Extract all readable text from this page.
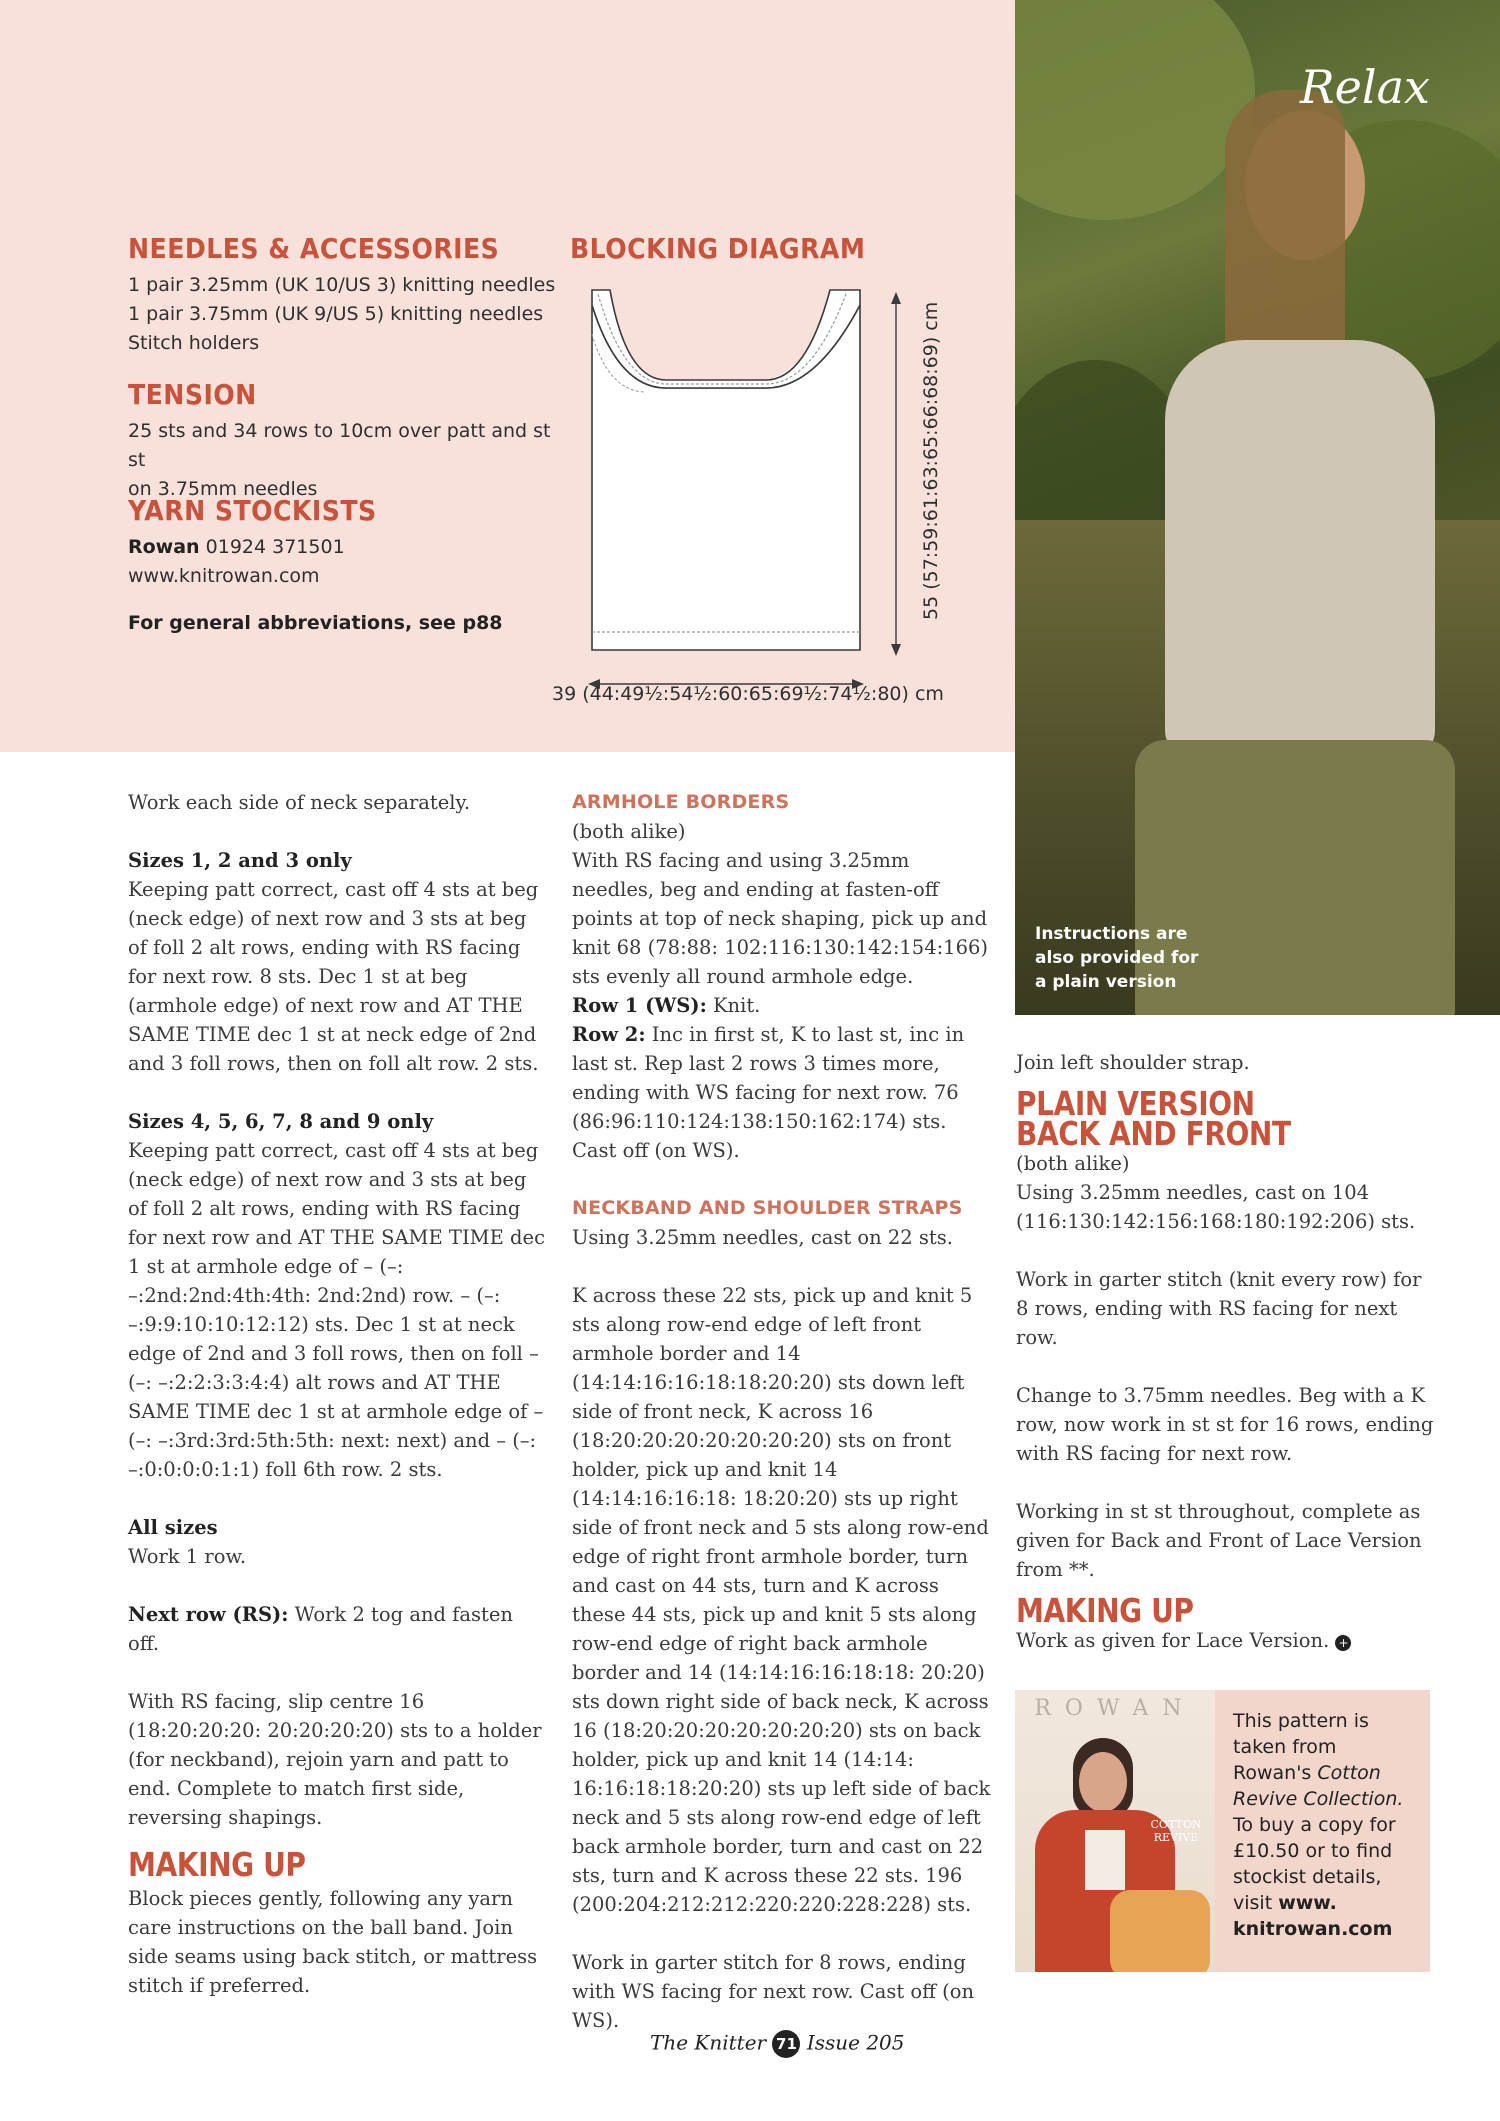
NEEDLES & ACCESSORIES
1 pair 3.25mm (UK 10/US 3) knitting needles
1 pair 3.75mm (UK 9/US 5) knitting needles
Stitch holders
TENSION
25 sts and 34 rows to 10cm over patt and st st
on 3.75mm needles
YARN STOCKISTS
Rowan 01924 371501
www.knitrowan.com
For general abbreviations, see p88
BLOCKING DIAGRAM
55 (57:59:61:63:65:66:68:69) cm
39 (44:49½:54½:60:65:69½:74½:80) cm
Relax
Instructions are also provided for a plain version

Work each side of neck separately.

Sizes 1, 2 and 3 only

Keeping patt correct, cast off 4 sts at beg (neck edge) of next row and 3 sts at beg of foll 2 alt rows, ending with RS facing for next row. 8 sts. Dec 1 st at beg (armhole edge) of next row and AT THE SAME TIME dec 1 st at neck edge of 2nd and 3 foll rows, then on foll alt row. 2 sts.

Sizes 4, 5, 6, 7, 8 and 9 only

Keeping patt correct, cast off 4 sts at beg (neck edge) of next row and 3 sts at beg of foll 2 alt rows, ending with RS facing for next row and AT THE SAME TIME dec 1 st at armhole edge of – (–: –:2nd:2nd:4th:4th: 2nd:2nd) row. – (–: –:9:9:10:10:12:12) sts. Dec 1 st at neck edge of 2nd and 3 foll rows, then on foll – (–: –:2:2:3:3:4:4) alt rows and AT THE SAME TIME dec 1 st at armhole edge of – (–: –:3rd:3rd:5th:5th: next: next) and – (–: –:0:0:0:0:1:1) foll 6th row. 2 sts.

All sizes

Work 1 row.

Next row (RS): Work 2 tog and fasten off.

With RS facing, slip centre 16 (18:20:20:20: 20:20:20:20) sts to a holder (for neckband), rejoin yarn and patt to end. Complete to match first side, reversing shapings.

MAKING UP

Block pieces gently, following any yarn care instructions on the ball band. Join side seams using back stitch, or mattress stitch if preferred.

ARMHOLE BORDERS

(both alike)

With RS facing and using 3.25mm needles, beg and ending at fasten-off points at top of neck shaping, pick up and knit 68 (78:88: 102:116:130:142:154:166) sts evenly all round armhole edge.

Row 1 (WS): Knit.

Row 2: Inc in first st, K to last st, inc in last st. Rep last 2 rows 3 times more, ending with WS facing for next row. 76 (86:96:110:124:138:150:162:174) sts. Cast off (on WS).

NECKBAND AND SHOULDER STRAPS

Using 3.25mm needles, cast on 22 sts.

K across these 22 sts, pick up and knit 5 sts along row-end edge of left front armhole border and 14 (14:14:16:16:18:18:20:20) sts down left side of front neck, K across 16 (18:20:20:20:20:20:20:20) sts on front holder, pick up and knit 14 (14:14:16:16:18: 18:20:20) sts up right side of front neck and 5 sts along row-end edge of right front armhole border, turn and cast on 44 sts, turn and K across these 44 sts, pick up and knit 5 sts along row-end edge of right back armhole border and 14 (14:14:16:16:18:18: 20:20) sts down right side of back neck, K across 16 (18:20:20:20:20:20:20:20) sts on back holder, pick up and knit 14 (14:14: 16:16:18:18:20:20) sts up left side of back neck and 5 sts along row-end edge of left back armhole border, turn and cast on 22 sts, turn and K across these 22 sts. 196 (200:204:212:212:220:220:228:228) sts.

Work in garter stitch for 8 rows, ending with WS facing for next row. Cast off (on WS).

Join left shoulder strap.

PLAIN VERSION
BACK AND FRONT

(both alike)

Using 3.25mm needles, cast on 104 (116:130:142:156:168:180:192:206) sts.

Work in garter stitch (knit every row) for 8 rows, ending with RS facing for next row.

Change to 3.75mm needles. Beg with a K row, now work in st st for 16 rows, ending with RS facing for next row.

Working in st st throughout, complete as given for Back and Front of Lace Version from **.

MAKING UP

Work as given for Lace Version. +

ROWAN
COTTON REVIVE
This pattern is
taken from
Rowan's Cotton
Revive Collection.
To buy a copy for
£10.50 or to find
stockist details,
visit www.
knitrowan.com
The Knitter 71 Issue 205
